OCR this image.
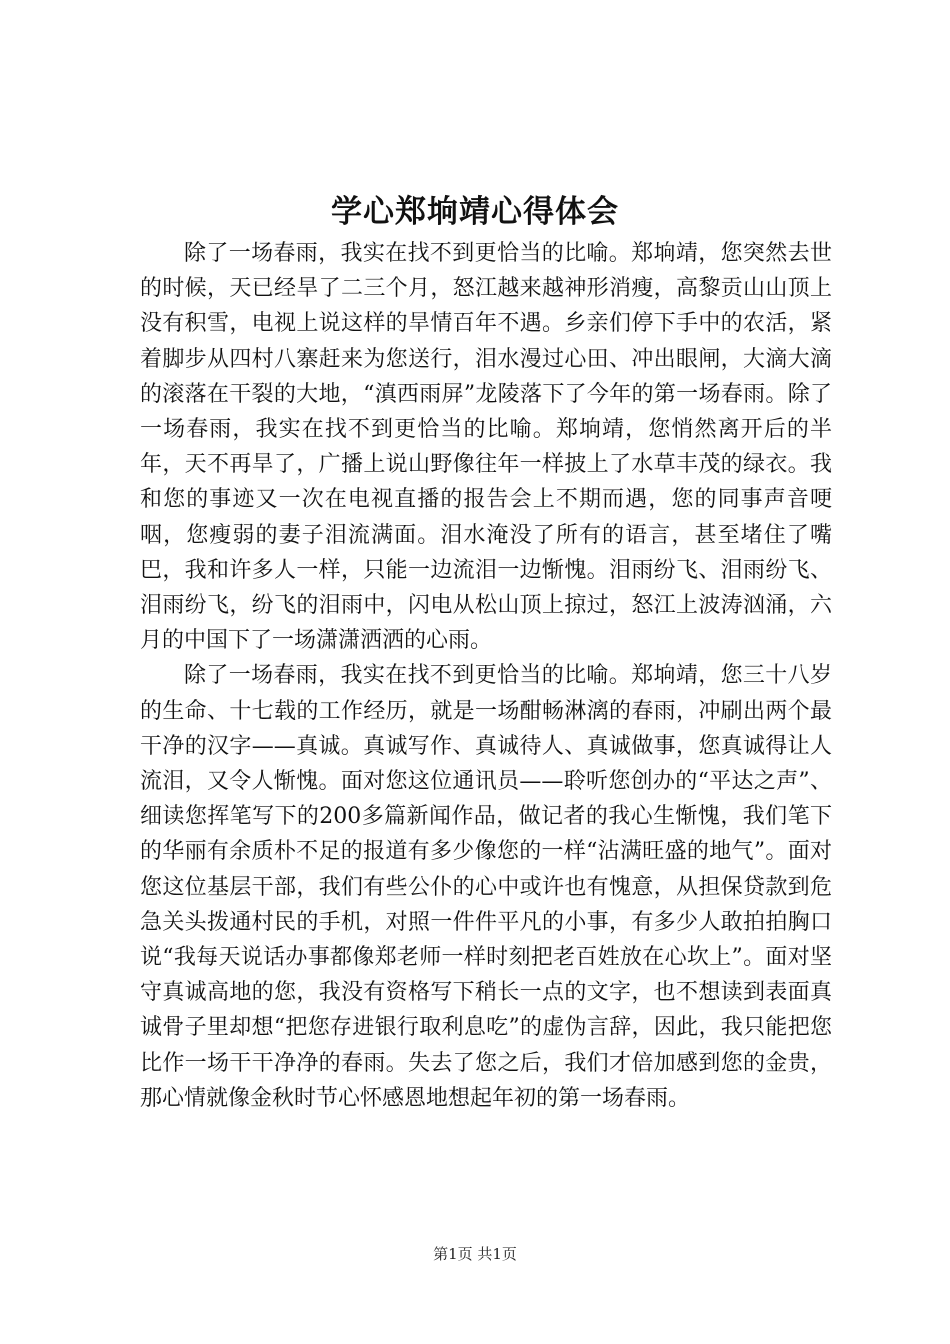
学心郑垧靖心得体会

除了一场春雨，我实在找不到更恰当的比喻。郑垧靖，您突然去世的时候，天已经旱了二三个月，怒江越来越神形消瘦，高黎贡山山顶上没有积雪，电视上说这样的旱情百年不遇。乡亲们停下手中的农活，紧着脚步从四村八寨赶来为您送行，泪水漫过心田、冲出眼闸，大滴大滴的滚落在干裂的大地，“滇西雨屏”龙陵落下了今年的第一场春雨。除了一场春雨，我实在找不到更恰当的比喻。郑垧靖，您悄然离开后的半年，天不再旱了，广播上说山野像往年一样披上了水草丰茂的绿衣。我和您的事迹又一次在电视直播的报告会上不期而遇，您的同事声音哽咽，您瘦弱的妻子泪流满面。泪水淹没了所有的语言，甚至堵住了嘴巴，我和许多人一样，只能一边流泪一边惭愧。泪雨纷飞、泪雨纷飞、泪雨纷飞，纷飞的泪雨中，闪电从松山顶上掠过，怒江上波涛汹涌，六月的中国下了一场潇潇洒洒的心雨。

除了一场春雨，我实在找不到更恰当的比喻。郑垧靖，您三十八岁的生命、十七载的工作经历，就是一场酣畅淋漓的春雨，冲刷出两个最干净的汉字——真诚。真诚写作、真诚待人、真诚做事，您真诚得让人流泪，又令人惭愧。面对您这位通讯员——聆听您创办的“平达之声”、细读您挥笔写下的200多篇新闻作品，做记者的我心生惭愧，我们笔下的华丽有余质朴不足的报道有多少像您的一样“沾满旺盛的地气”。面对您这位基层干部，我们有些公仆的心中或许也有愧意，从担保贷款到危急关头拨通村民的手机，对照一件件平凡的小事，有多少人敢拍拍胸口说“我每天说话办事都像郑老师一样时刻把老百姓放在心坎上”。面对坚守真诚高地的您，我没有资格写下稍长一点的文字，也不想读到表面真诚骨子里却想“把您存进银行取利息吃”的虚伪言辞，因此，我只能把您比作一场干干净净的春雨。失去了您之后，我们才倍加感到您的金贵，那心情就像金秋时节心怀感恩地想起年初的第一场春雨。

第1页 共1页
